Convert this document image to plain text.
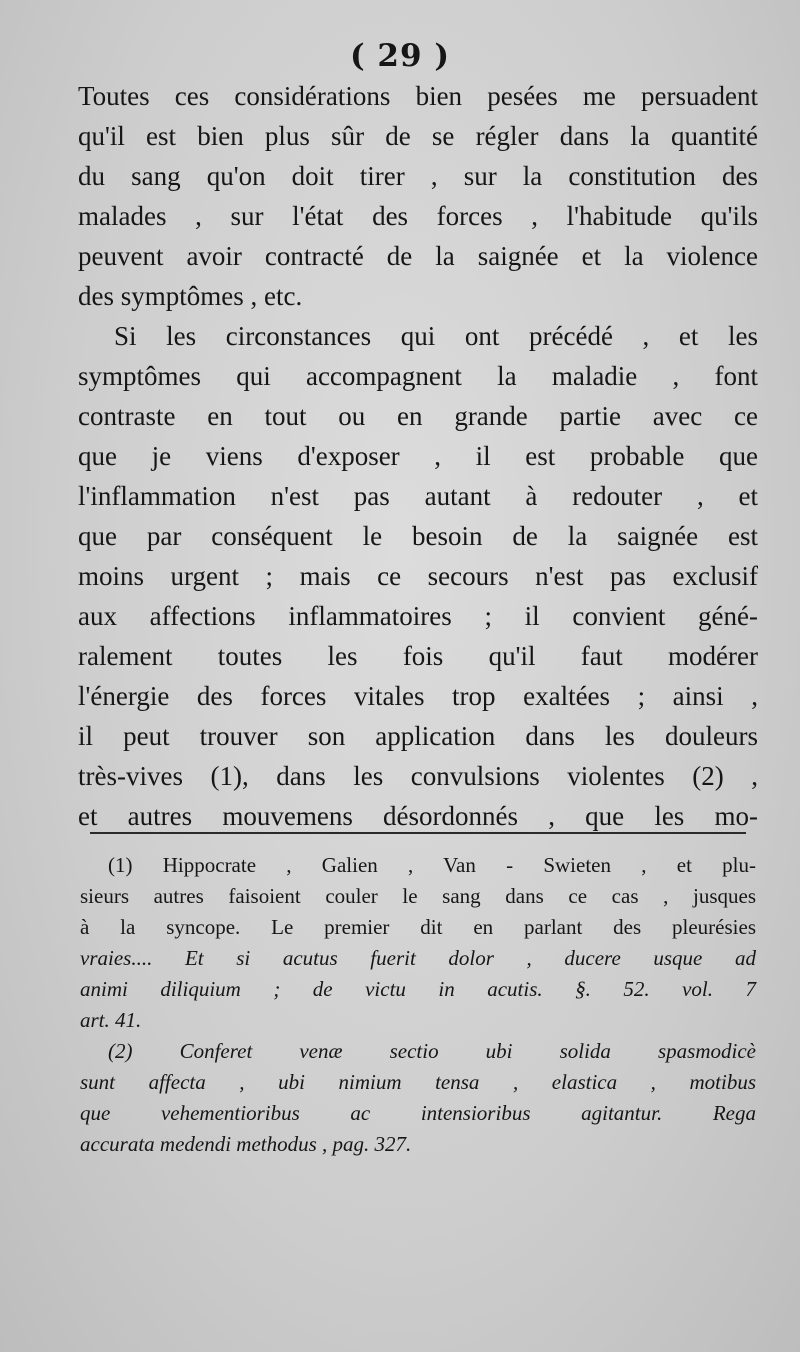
( 29 )
Toutes ces considérations bien pesées me persuadent
qu'il est bien plus sûr de se régler dans la quantité
du sang qu'on doit tirer , sur la constitution des
malades , sur l'état des forces , l'habitude qu'ils
peuvent avoir contracté de la saignée et la violence
des symptômes , etc.
Si les circonstances qui ont précédé , et les
symptômes qui accompagnent la maladie , font
contraste en tout ou en grande partie avec ce
que je viens d'exposer , il est probable que
l'inflammation n'est pas autant à redouter , et
que par conséquent le besoin de la saignée est
moins urgent ; mais ce secours n'est pas exclusif
aux affections inflammatoires ; il convient géné-
ralement toutes les fois qu'il faut modérer
l'énergie des forces vitales trop exaltées ; ainsi ,
il peut trouver son application dans les douleurs
très-vives (1), dans les convulsions violentes (2) ,
et autres mouvemens désordonnés , que les mo-
(1) Hippocrate , Galien , Van - Swieten , et plu-
sieurs autres faisoient couler le sang dans ce cas , jusques
à la syncope. Le premier dit en parlant des pleurésies
vraies.... Et si acutus fuerit dolor , ducere usque ad
animi diliquium ; de victu in acutis. §. 52. vol. 7
art. 41.
(2) Conferet venæ sectio ubi solida spasmodicè
sunt affecta , ubi nimium tensa , elastica , motibus
que vehementioribus ac intensioribus agitantur. Rega
accurata medendi methodus , pag. 327.
